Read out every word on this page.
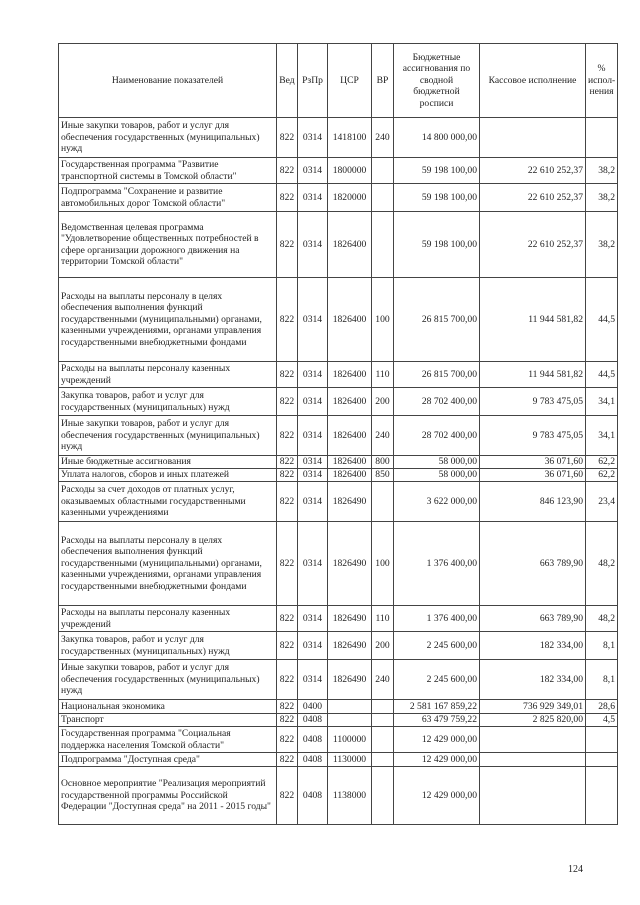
Наименование показателей	Вед	РзПр	ЦСР	ВР	Бюджетные ассигнования по сводной бюджетной росписи	Кассовое исполнение	% испол-нения
Иные закупки товаров, работ и услуг для обеспечения государственных (муниципальных) нужд	822	0314	1418100	240	14 800 000,00		
Государственная программа "Развитие транспортной системы в Томской области"	822	0314	1800000		59 198 100,00	22 610 252,37	38,2
Подпрограмма "Сохранение и развитие автомобильных дорог Томской области"	822	0314	1820000		59 198 100,00	22 610 252,37	38,2
Ведомственная целевая программа "Удовлетворение общественных потребностей в сфере организации дорожного движения на территории Томской области"	822	0314	1826400		59 198 100,00	22 610 252,37	38,2
Расходы на выплаты персоналу в целях обеспечения выполнения функций государственными (муниципальными) органами, казенными учреждениями, органами управления государственными внебюджетными фондами	822	0314	1826400	100	26 815 700,00	11 944 581,82	44,5
Расходы на выплаты персоналу казенных учреждений	822	0314	1826400	110	26 815 700,00	11 944 581,82	44,5
Закупка товаров, работ и услуг для государственных (муниципальных) нужд	822	0314	1826400	200	28 702 400,00	9 783 475,05	34,1
Иные закупки товаров, работ и услуг для обеспечения государственных (муниципальных) нужд	822	0314	1826400	240	28 702 400,00	9 783 475,05	34,1
Иные бюджетные ассигнования	822	0314	1826400	800	58 000,00	36 071,60	62,2
Уплата налогов, сборов и иных платежей	822	0314	1826400	850	58 000,00	36 071,60	62,2
Расходы за счет доходов от платных услуг, оказываемых областными государственными казенными учреждениями	822	0314	1826490		3 622 000,00	846 123,90	23,4
Расходы на выплаты персоналу в целях обеспечения выполнения функций государственными (муниципальными) органами, казенными учреждениями, органами управления государственными внебюджетными фондами	822	0314	1826490	100	1 376 400,00	663 789,90	48,2
Расходы на выплаты персоналу казенных учреждений	822	0314	1826490	110	1 376 400,00	663 789,90	48,2
Закупка товаров, работ и услуг для государственных (муниципальных) нужд	822	0314	1826490	200	2 245 600,00	182 334,00	8,1
Иные закупки товаров, работ и услуг для обеспечения государственных (муниципальных) нужд	822	0314	1826490	240	2 245 600,00	182 334,00	8,1
Национальная экономика	822	0400			2 581 167 859,22	736 929 349,01	28,6
Транспорт	822	0408			63 479 759,22	2 825 820,00	4,5
Государственная программа "Социальная поддержка населения Томской области"	822	0408	1100000		12 429 000,00		
Подпрограмма "Доступная среда"	822	0408	1130000		12 429 000,00		
Основное мероприятие "Реализация мероприятий государственной программы Российской Федерации "Доступная среда" на 2011 - 2015 годы"	822	0408	1138000		12 429 000,00		
124
